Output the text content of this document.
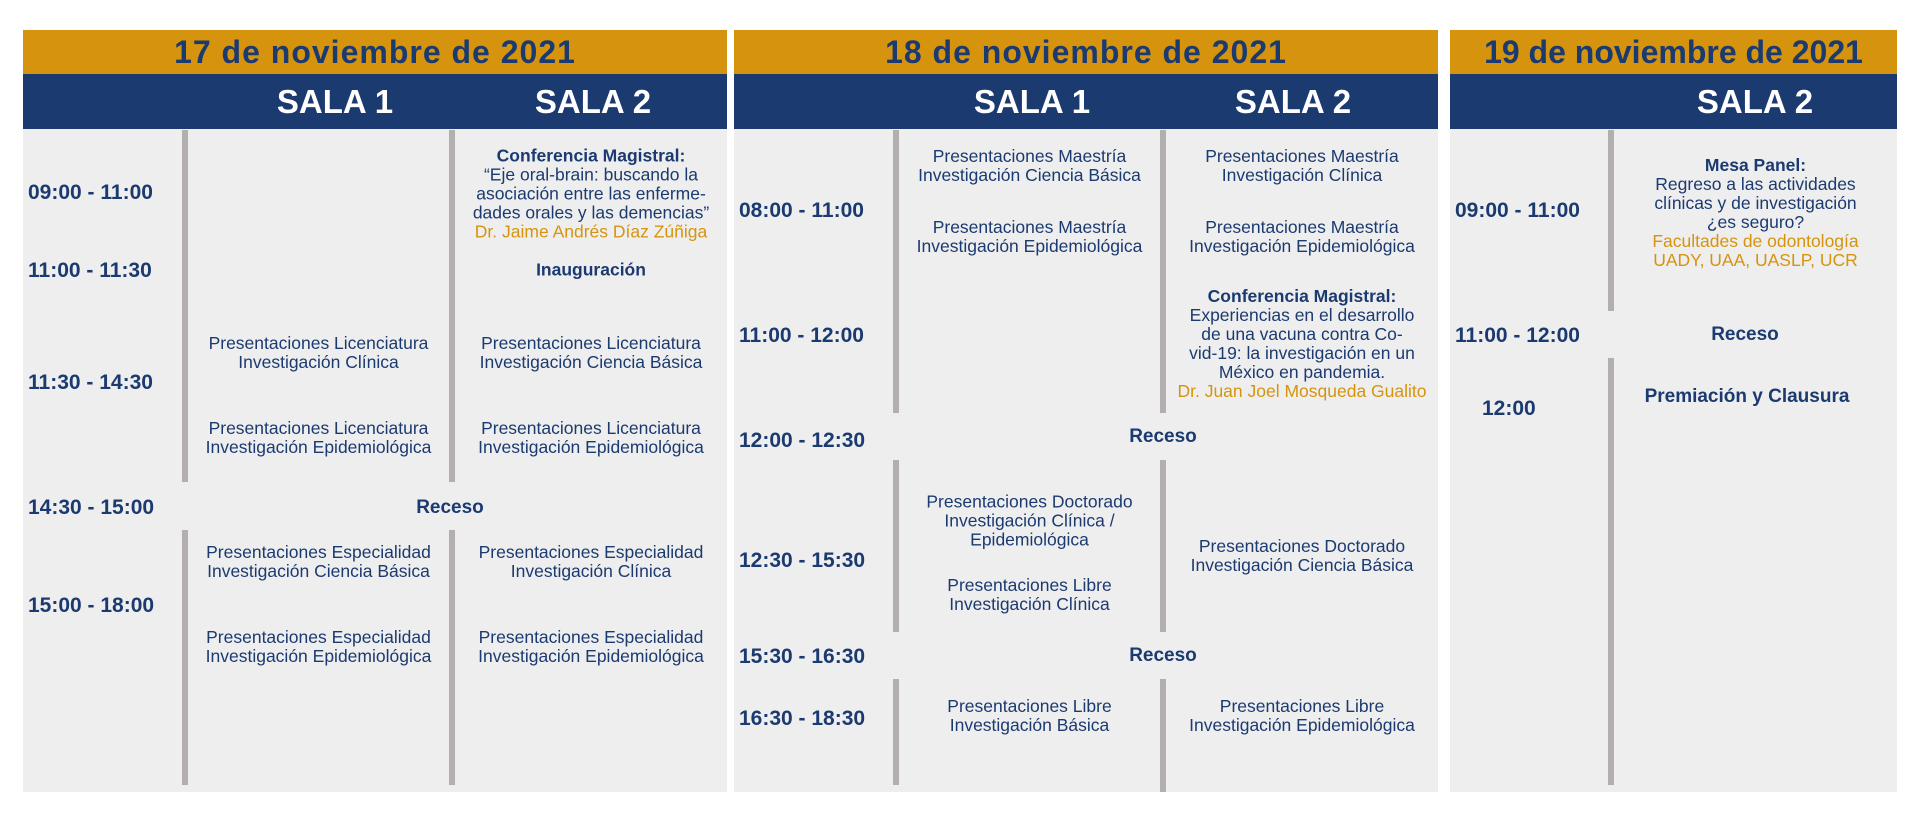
17 de noviembre de 2021
SALA 1	SALA 2
09:00 - 11:00
11:00 - 11:30
11:30 - 14:30
14:30 - 15:00
15:00 - 18:00
Conferencia Magistral:
“Eje oral-brain: buscando la
asociación entre las enferme-
dades orales y las demencias”
Dr. Jaime Andrés Díaz Zúñiga
Inauguración
Presentaciones Licenciatura
Investigación Clínica
Presentaciones Licenciatura
Investigación Ciencia Básica
Presentaciones Licenciatura
Investigación Epidemiológica
Presentaciones Licenciatura
Investigación Epidemiológica
Receso
Presentaciones Especialidad
Investigación Ciencia Básica
Presentaciones Especialidad
Investigación Clínica
Presentaciones Especialidad
Investigación Epidemiológica
Presentaciones Especialidad
Investigación Epidemiológica
18 de noviembre de 2021
SALA 1	SALA 2
08:00 - 11:00
11:00 - 12:00
12:00 - 12:30
12:30 - 15:30
15:30 - 16:30
16:30 - 18:30
Presentaciones Maestría
Investigación Ciencia Básica
Presentaciones Maestría
Investigación Clínica
Presentaciones Maestría
Investigación Epidemiológica
Presentaciones Maestría
Investigación Epidemiológica
Conferencia Magistral:
Experiencias en el desarrollo
de una vacuna contra Co-
vid-19: la investigación en un
México en pandemia.
Dr. Juan Joel Mosqueda Gualito
Receso
Presentaciones Doctorado
Investigación Clínica /
Epidemiológica
Presentaciones Libre
Investigación Clínica
Presentaciones Doctorado
Investigación Ciencia Básica
Receso
Presentaciones Libre
Investigación Básica
Presentaciones Libre
Investigación Epidemiológica
19 de noviembre de 2021
SALA 2
09:00 - 11:00
11:00 - 12:00
12:00
Mesa Panel:
Regreso a las actividades
clínicas y de investigación
¿es seguro?
Facultades de odontología
UADY, UAA, UASLP, UCR
Receso
Premiación y Clausura
